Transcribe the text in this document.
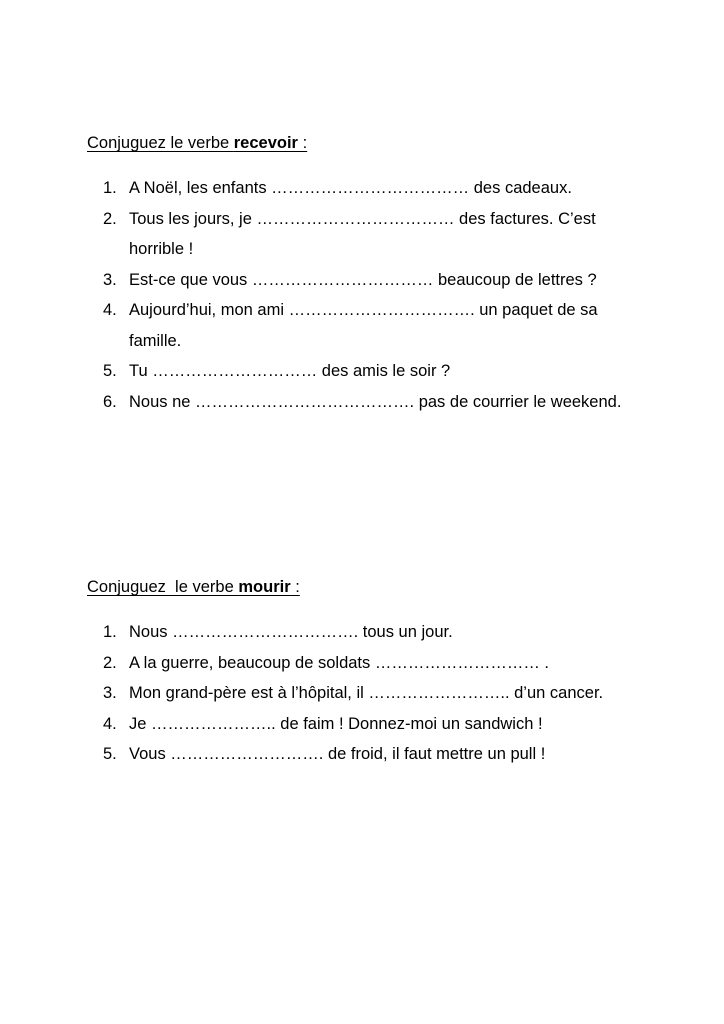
Conjuguez le verbe recevoir :

1. A Noël, les enfants ……………………………… des cadeaux.
2. Tous les jours, je ……………………………… des factures. C’est horrible !
3. Est-ce que vous …………………………… beaucoup de lettres ?
4. Aujourd’hui, mon ami ……………………………. un paquet de sa famille.
5. Tu ………………………… des amis le soir ?
6. Nous ne …………………………………. pas de courrier le weekend.

Conjuguez  le verbe mourir :

1. Nous ……………………………. tous un jour.
2. A la guerre, beaucoup de soldats ………………………… .
3. Mon grand-père est à l’hôpital, il …………………….. d’un cancer.
4. Je ………………….. de faim ! Donnez-moi un sandwich !
5. Vous ………………………. de froid, il faut mettre un pull !
